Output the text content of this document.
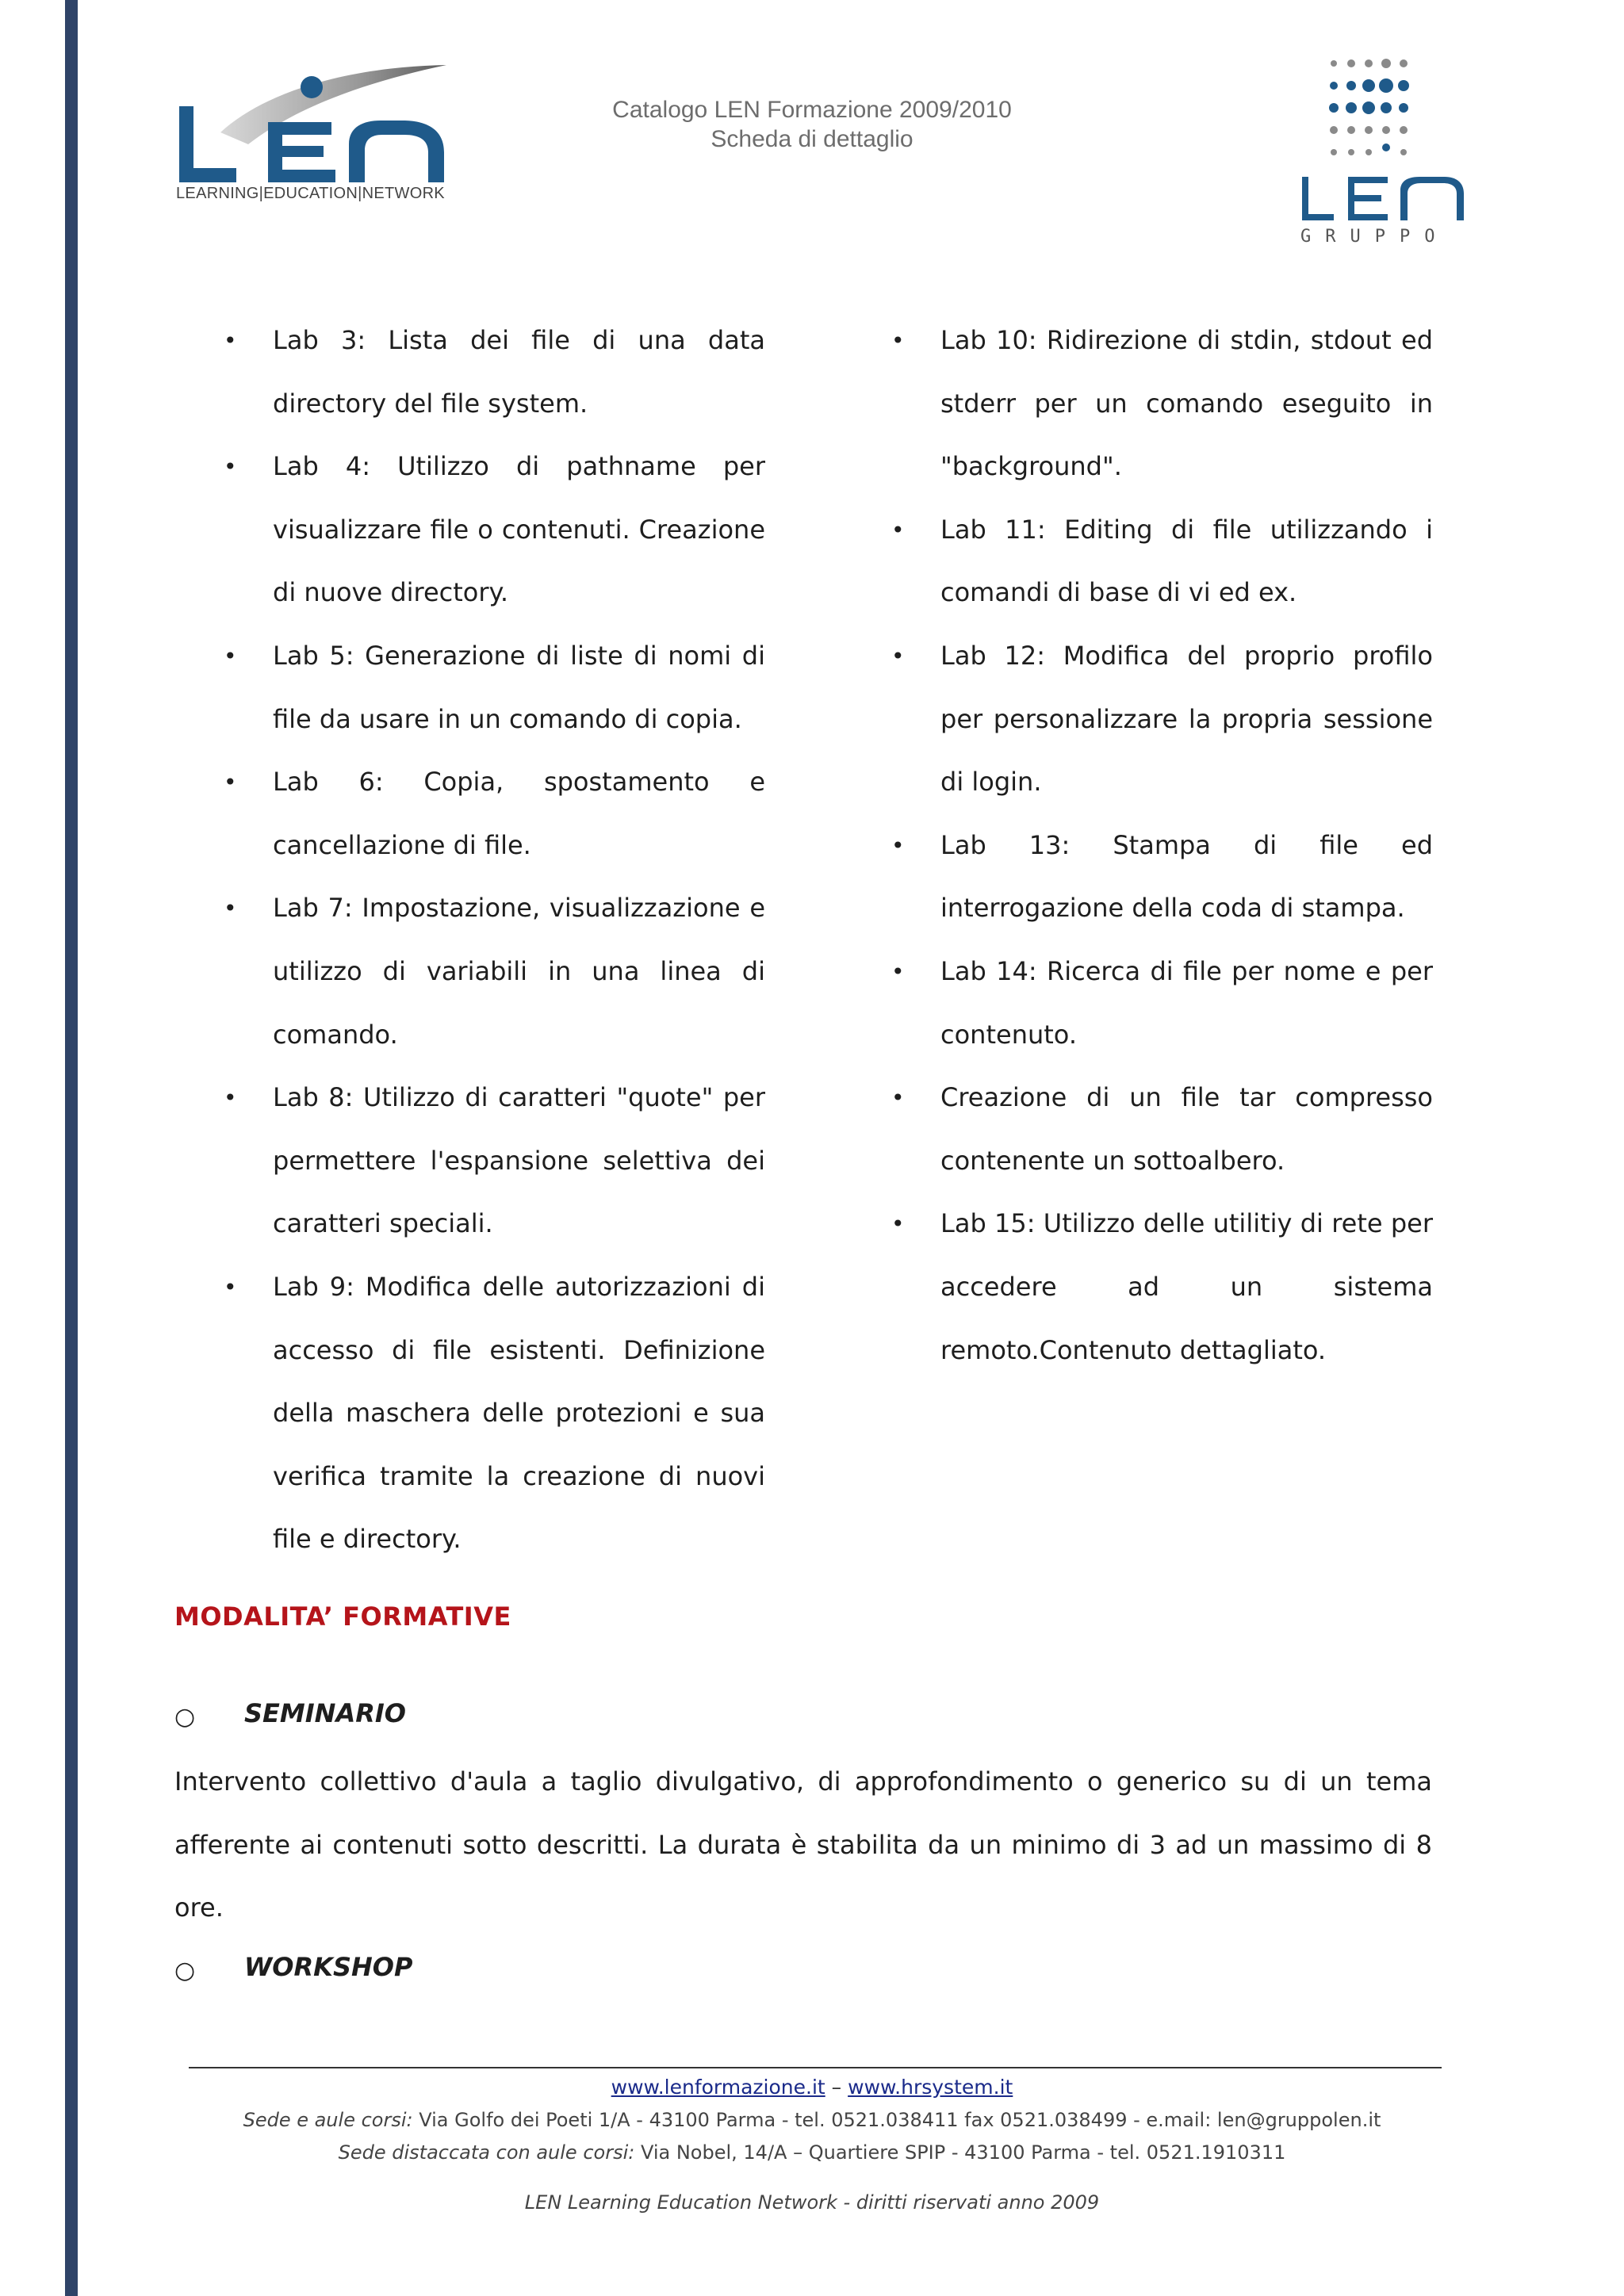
LEARNING|EDUCATION|NETWORK
Catalogo LEN Formazione 2009/2010
Scheda di dettaglio
GRUPPO
• Lab 3: Lista dei file di una data directory del file system.
• Lab 4: Utilizzo di pathname per visualizzare file o contenuti. Creazione di nuove directory.
• Lab 5: Generazione di liste di nomi di file da usare in un comando di copia.
• Lab 6: Copia, spostamento e cancellazione di file.
• Lab 7: Impostazione, visualizzazione e utilizzo di variabili in una linea di comando.
• Lab 8: Utilizzo di caratteri "quote" per permettere l'espansione selettiva dei caratteri speciali.
• Lab 9: Modifica delle autorizzazioni di accesso di file esistenti. Definizione della maschera delle protezioni e sua verifica tramite la creazione di nuovi file e directory.
• Lab 10: Ridirezione di stdin, stdout ed stderr per un comando eseguito in "background".
• Lab 11: Editing di file utilizzando i comandi di base di vi ed ex.
• Lab 12: Modifica del proprio profilo per personalizzare la propria sessione di login.
• Lab 13: Stampa di file ed interrogazione della coda di stampa.
• Lab 14: Ricerca di file per nome e per contenuto.
• Creazione di un file tar compresso contenente un sottoalbero.
• Lab 15: Utilizzo delle utilitiy di rete per accedere ad un sistema remoto.Contenuto dettagliato.
MODALITA’ FORMATIVE
○ SEMINARIO
Intervento collettivo d'aula a taglio divulgativo, di approfondimento o generico su di un tema afferente ai contenuti sotto descritti. La durata è stabilita da un minimo di 3 ad un massimo di 8 ore.
○ WORKSHOP
www.lenformazione.it – www.hrsystem.it
Sede e aule corsi: Via Golfo dei Poeti 1/A - 43100 Parma - tel. 0521.038411 fax 0521.038499 - e.mail: len@gruppolen.it
Sede distaccata con aule corsi: Via Nobel, 14/A – Quartiere SPIP - 43100 Parma - tel. 0521.1910311
LEN Learning Education Network - diritti riservati anno 2009
